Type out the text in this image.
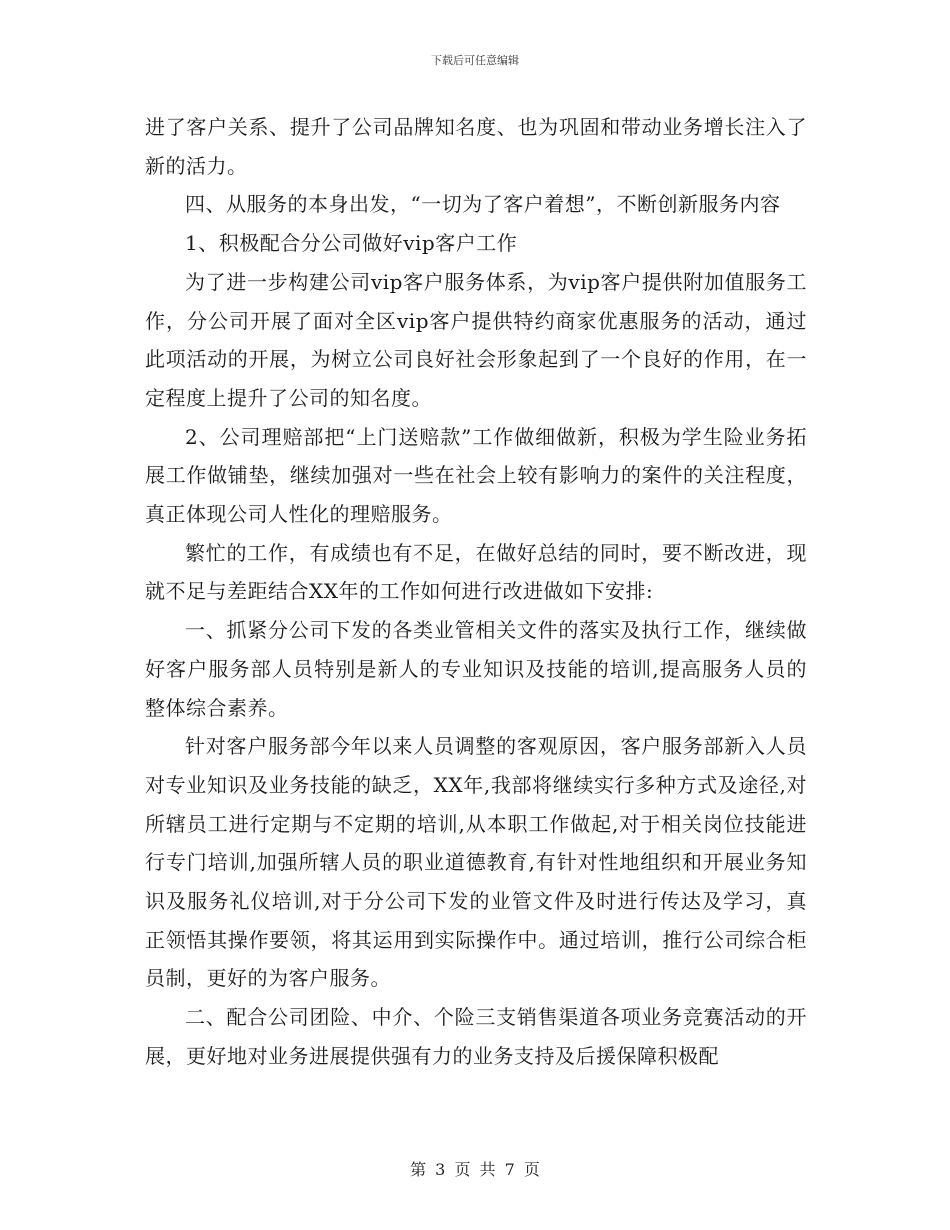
下载后可任意编辑

进了客户关系、提升了公司品牌知名度、也为巩固和带动业务增长注入了新的活力。

四、从服务的本身出发，“一切为了客户着想”，不断创新服务内容

1、积极配合分公司做好vip客户工作

为了进一步构建公司vip客户服务体系，为vip客户提供附加值服务工作，分公司开展了面对全区vip客户提供特约商家优惠服务的活动，通过此项活动的开展，为树立公司良好社会形象起到了一个良好的作用，在一定程度上提升了公司的知名度。

2、公司理赔部把“上门送赔款”工作做细做新，积极为学生险业务拓展工作做铺垫，继续加强对一些在社会上较有影响力的案件的关注程度，真正体现公司人性化的理赔服务。

繁忙的工作，有成绩也有不足，在做好总结的同时，要不断改进，现就不足与差距结合XX年的工作如何进行改进做如下安排:

一、抓紧分公司下发的各类业管相关文件的落实及执行工作，继续做好客户服务部人员特别是新人的专业知识及技能的培训,提高服务人员的整体综合素养。

针对客户服务部今年以来人员调整的客观原因，客户服务部新入人员对专业知识及业务技能的缺乏，XX年,我部将继续实行多种方式及途径,对所辖员工进行定期与不定期的培训,从本职工作做起,对于相关岗位技能进行专门培训,加强所辖人员的职业道德教育,有针对性地组织和开展业务知识及服务礼仪培训,对于分公司下发的业管文件及时进行传达及学习，真正领悟其操作要领，将其运用到实际操作中。通过培训，推行公司综合柜员制，更好的为客户服务。

二、配合公司团险、中介、个险三支销售渠道各项业务竞赛活动的开展，更好地对业务进展提供强有力的业务支持及后援保障积极配

第 3 页 共 7 页
